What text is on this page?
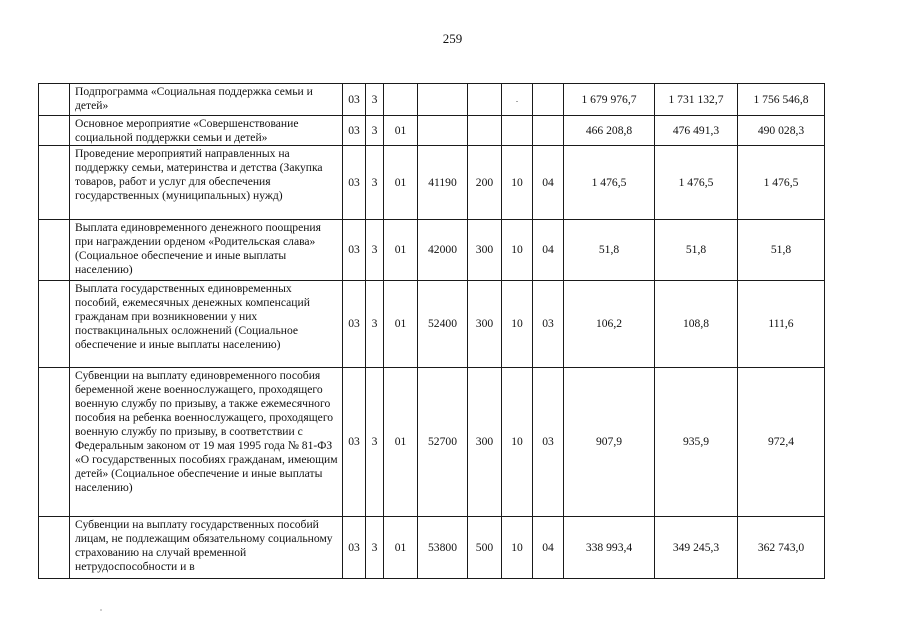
259
	Подпрограмма «Социальная поддержка семьи и детей»	03	3				.		1 679 976,7	1 731 132,7	1 756 546,8
	Основное мероприятие «Совершенствование социальной поддержки семьи и детей»	03	3	01					466 208,8	476 491,3	490 028,3
	Проведение мероприятий направленных на поддержку семьи, материнства и детства (Закупка товаров, работ и услуг для обеспечения государственных (муниципальных) нужд)	03	3	01	41190	200	10	04	1 476,5	1 476,5	1 476,5
	Выплата единовременного денежного поощрения при награждении орденом «Родительская слава» (Социальное обеспечение и иные выплаты населению)	03	3	01	42000	300	10	04	51,8	51,8	51,8
	Выплата государственных единовременных пособий, ежемесячных денежных компенсаций гражданам при возникновении у них поствакцинальных осложнений (Социальное обеспечение и иные выплаты населению)	03	3	01	52400	300	10	03	106,2	108,8	111,6
	Субвенции на выплату единовременного пособия беременной жене военнослужащего, проходящего военную службу по призыву, а также ежемесячного пособия на ребенка военнослужащего, проходящего военную службу по призыву, в соответствии с Федеральным законом от 19 мая 1995 года № 81-ФЗ «О государственных пособиях гражданам, имеющим детей» (Социальное обеспечение и иные выплаты населению)	03	3	01	52700	300	10	03	907,9	935,9	972,4
	Субвенции на выплату государственных пособий лицам, не подлежащим обязательному социальному страхованию на случай временной нетрудоспособности и в	03	3	01	53800	500	10	04	338 993,4	349 245,3	362 743,0
